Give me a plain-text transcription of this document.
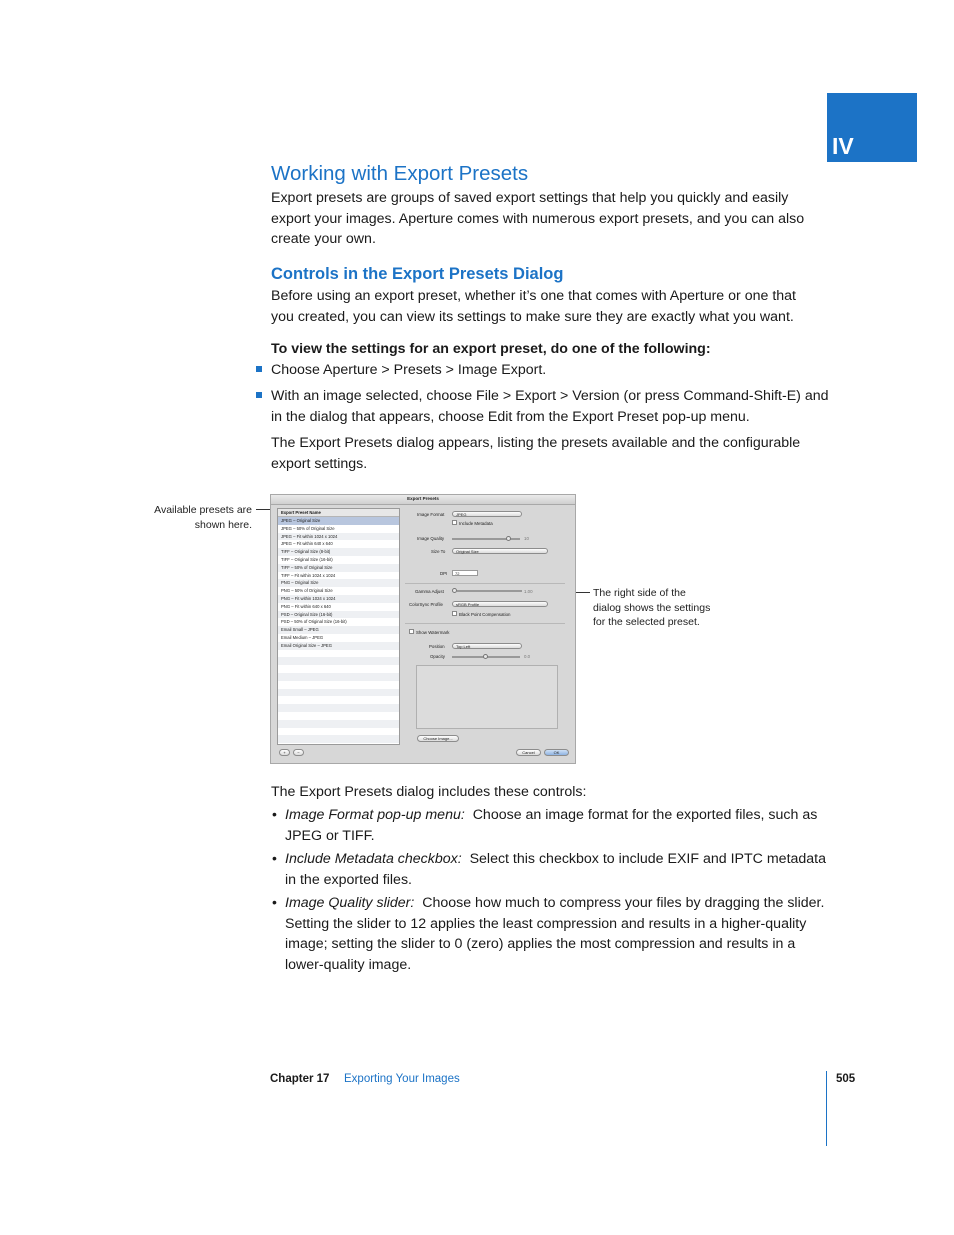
IV
Working with Export Presets
Export presets are groups of saved export settings that help you quickly and easily
export your images. Aperture comes with numerous export presets, and you can also
create your own.
Controls in the Export Presets Dialog
Before using an export preset, whether it’s one that comes with Aperture or one that
you created, you can view its settings to make sure they are exactly what you want.
To view the settings for an export preset, do one of the following:
Choose Aperture > Presets > Image Export.
With an image selected, choose File > Export > Version (or press Command-Shift-E) and
in the dialog that appears, choose Edit from the Export Preset pop-up menu.
The Export Presets dialog appears, listing the presets available and the configurable
export settings.
Available presets are
shown here.
The right side of the
dialog shows the settings
for the selected preset.
Export Presets
Export Preset Name
JPEG – Original Size
JPEG – 50% of Original Size
JPEG – Fit within 1024 x 1024
JPEG – Fit within 640 x 640
TIFF – Original Size (8-bit)
TIFF – Original Size (16-bit)
TIFF – 50% of Original Size
TIFF – Fit within 1024 x 1024
PNG – Original Size
PNG – 50% of Original Size
PNG – Fit within 1024 x 1024
PNG – Fit within 640 x 640
PSD – Original Size (16-bit)
PSD – 50% of Original Size (16-bit)
Email Small – JPEG
Email Medium – JPEG
Email Original Size – JPEG
+	−
Image Format	JPEG
Include Metadata
Image Quality	10
Size To	Original Size
DPI	72
Gamma Adjust	1.00
ColorSync Profile	sRGB Profile
Black Point Compensation
Show Watermark
Position	Top Left
Opacity	0.0
Choose Image...
Cancel	OK
The Export Presets dialog includes these controls:
• Image Format pop-up menu: Choose an image format for the exported files, such as
JPEG or TIFF.
• Include Metadata checkbox: Select this checkbox to include EXIF and IPTC metadata
in the exported files.
• Image Quality slider: Choose how much to compress your files by dragging the slider.
Setting the slider to 12 applies the least compression and results in a higher-quality
image; setting the slider to 0 (zero) applies the most compression and results in a
lower-quality image.
Chapter 17 Exporting Your Images	505
